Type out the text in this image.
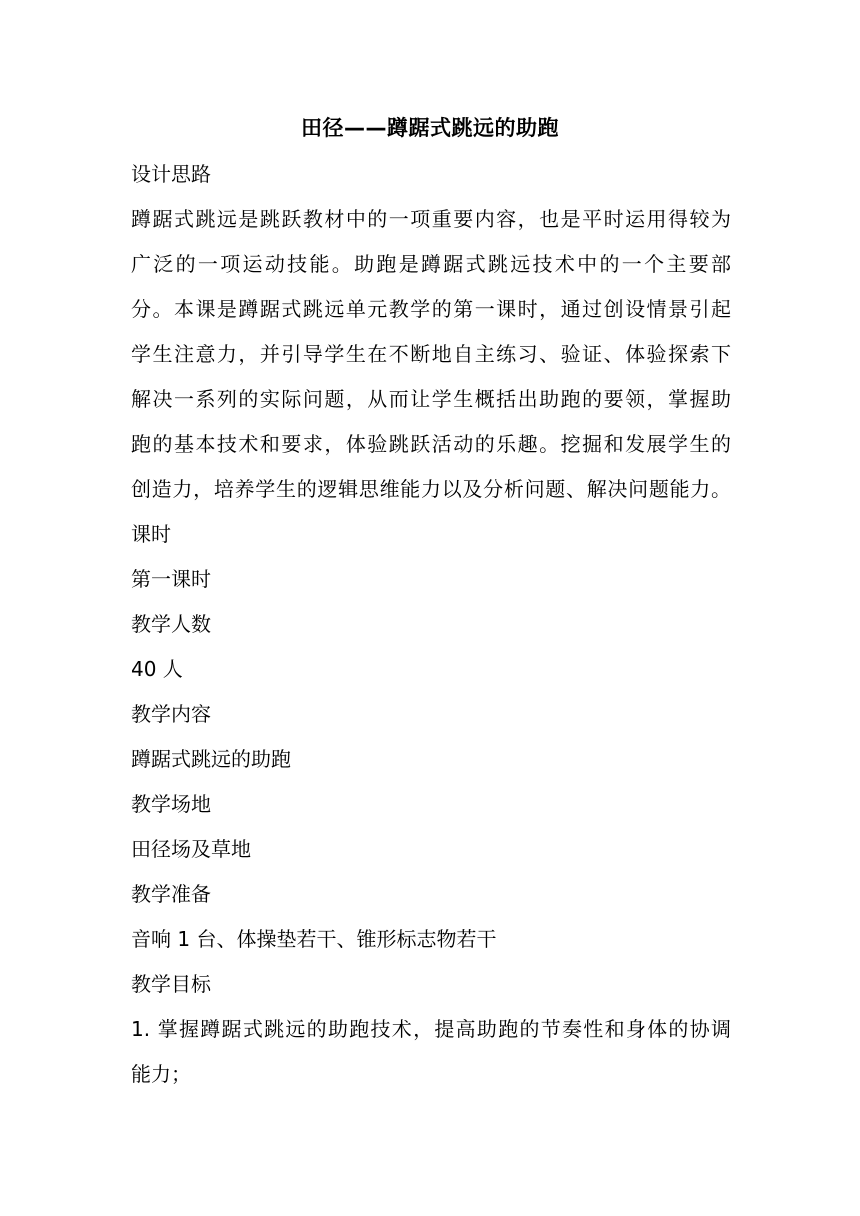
田径——蹲踞式跳远的助跑
设计思路
蹲踞式跳远是跳跃教材中的一项重要内容，也是平时运用得较为
广泛的一项运动技能。助跑是蹲踞式跳远技术中的一个主要部
分。本课是蹲踞式跳远单元教学的第一课时，通过创设情景引起
学生注意力，并引导学生在不断地自主练习、验证、体验探索下
解决一系列的实际问题，从而让学生概括出助跑的要领，掌握助
跑的基本技术和要求，体验跳跃活动的乐趣。挖掘和发展学生的
创造力，培养学生的逻辑思维能力以及分析问题、解决问题能力。
课时
第一课时
教学人数
40 人
教学内容
蹲踞式跳远的助跑
教学场地
田径场及草地
教学准备
音响 1 台、体操垫若干、锥形标志物若干
教学目标
1. 掌握蹲踞式跳远的助跑技术，提高助跑的节奏性和身体的协调
能力；
